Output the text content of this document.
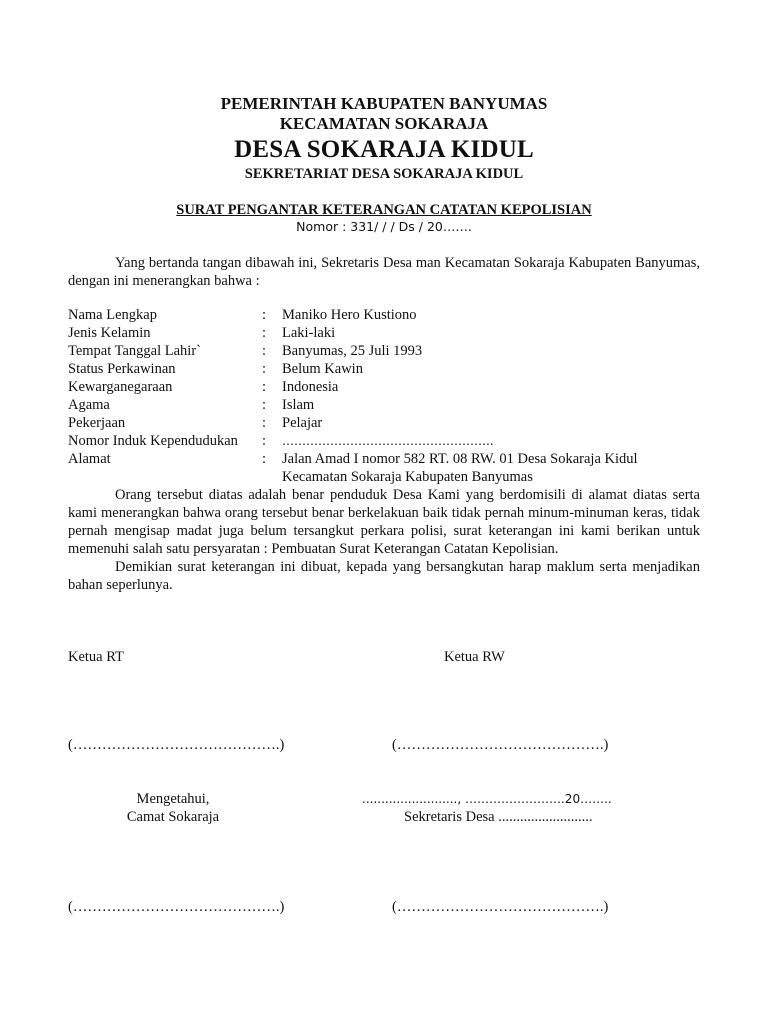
PEMERINTAH KABUPATEN BANYUMAS
KECAMATAN SOKARAJA
DESA SOKARAJA KIDUL
SEKRETARIAT DESA SOKARAJA KIDUL
SURAT PENGANTAR KETERANGAN CATATAN KEPOLISIAN
Nomor : 331/ / / Ds / 20…….

Yang bertanda tangan dibawah ini, Sekretaris Desa man Kecamatan Sokaraja Kabupaten Banyumas, dengan ini menerangkan bahwa :

Nama Lengkap	:	Maniko Hero Kustiono
Jenis Kelamin	:	Laki-laki
Tempat Tanggal Lahir`	:	Banyumas, 25 Juli 1993
Status Perkawinan	:	Belum Kawin
Kewarganegaraan	:	Indonesia
Agama	:	Islam
Pekerjaan	:	Pelajar
Nomor Induk Kependudukan	:	……………………………………………..
Alamat	:	Jalan Amad I nomor 582 RT. 08 RW. 01 Desa Sokaraja Kidul
Kecamatan Sokaraja Kabupaten Banyumas

Orang tersebut diatas adalah benar penduduk Desa Kami yang berdomisili di alamat diatas serta kami menerangkan bahwa orang tersebut benar berkelakuan baik tidak pernah minum-minuman keras, tidak pernah mengisap madat juga belum tersangkut perkara polisi, surat keterangan ini kami berikan untuk memenuhi salah satu persyaratan : Pembuatan Surat Keterangan Catatan Kepolisian.

Demikian surat keterangan ini dibuat, kepada yang bersangkutan harap maklum serta menjadikan bahan seperlunya.

Ketua RT	Ketua RW
(…………………………………….)	(…………………………………….)
Mengetahui,
Camat Sokaraja
........................., …………………….20……..
Sekretaris Desa ..........................
(…………………………………….)	(…………………………………….)
